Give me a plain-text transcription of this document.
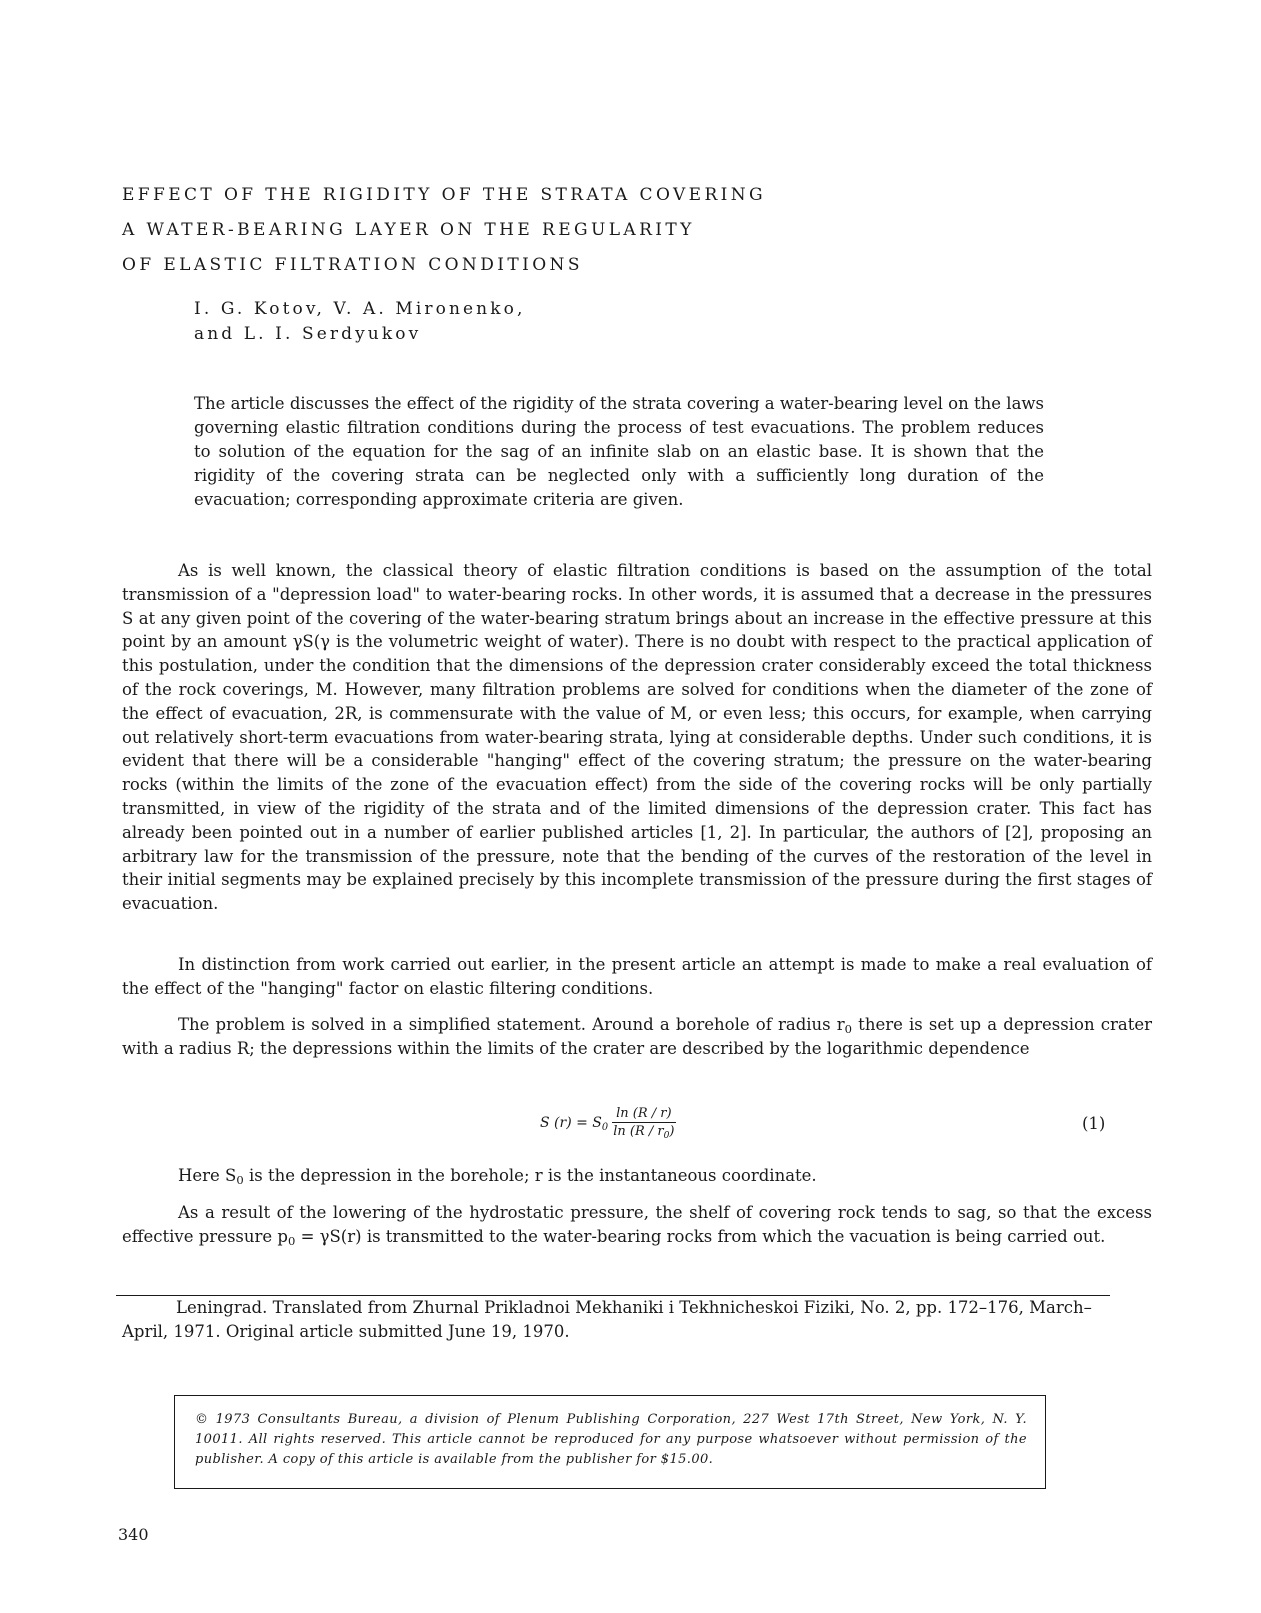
EFFECT OF THE RIGIDITY OF THE STRATA COVERING
A WATER-BEARING LAYER ON THE REGULARITY
OF ELASTIC FILTRATION CONDITIONS
I. G. Kotov, V. A. Mironenko,
and L. I. Serdyukov
The article discusses the effect of the rigidity of the strata covering a water-bearing level on the laws governing elastic filtration conditions during the process of test evacuations. The problem reduces to solution of the equation for the sag of an infinite slab on an elastic base. It is shown that the rigidity of the covering strata can be neglected only with a sufficiently long duration of the evacuation; corresponding approximate criteria are given.
As is well known, the classical theory of elastic filtration conditions is based on the assumption of the total transmission of a "depression load" to water-bearing rocks. In other words, it is assumed that a decrease in the pressures S at any given point of the covering of the water-bearing stratum brings about an increase in the effective pressure at this point by an amount γS(γ is the volumetric weight of water). There is no doubt with respect to the practical application of this postulation, under the condition that the dimensions of the depression crater considerably exceed the total thickness of the rock coverings, M. However, many filtration problems are solved for conditions when the diameter of the zone of the effect of evacuation, 2R, is commensurate with the value of M, or even less; this occurs, for example, when carrying out relatively short-term evacuations from water-bearing strata, lying at considerable depths. Under such conditions, it is evident that there will be a considerable "hanging" effect of the covering stratum; the pressure on the water-bearing rocks (within the limits of the zone of the evacuation effect) from the side of the covering rocks will be only partially transmitted, in view of the rigidity of the strata and of the limited dimensions of the depression crater. This fact has already been pointed out in a number of earlier published articles [1, 2]. In particular, the authors of [2], proposing an arbitrary law for the transmission of the pressure, note that the bending of the curves of the restoration of the level in their initial segments may be explained precisely by this incomplete transmission of the pressure during the first stages of evacuation.
In distinction from work carried out earlier, in the present article an attempt is made to make a real evaluation of the effect of the "hanging" factor on elastic filtering conditions.
The problem is solved in a simplified statement. Around a borehole of radius $r_0$ there is set up a depression crater with a radius R; the depressions within the limits of the crater are described by the logarithmic dependence
S $(r) = S_0 \frac{\ln (R / r)}{\ln (R / r_0)}$	(1)
Here $S_0$ is the depression in the borehole; r is the instantaneous coordinate.
As a result of the lowering of the hydrostatic pressure, the shelf of covering rock tends to sag, so that the excess effective pressure $p_0 = \gamma S(r)$ is transmitted to the water-bearing rocks from which the vacuation is being carried out.
Leningrad. Translated from Zhurnal Prikladnoi Mekhaniki i Tekhnicheskoi Fiziki, No. 2, pp. 172–176, March–April, 1971. Original article submitted June 19, 1970.
© 1973 Consultants Bureau, a division of Plenum Publishing Corporation, 227 West 17th Street, New York, N. Y. 10011. All rights reserved. This article cannot be reproduced for any purpose whatsoever without permission of the publisher. A copy of this article is available from the publisher for $15.00.
340
